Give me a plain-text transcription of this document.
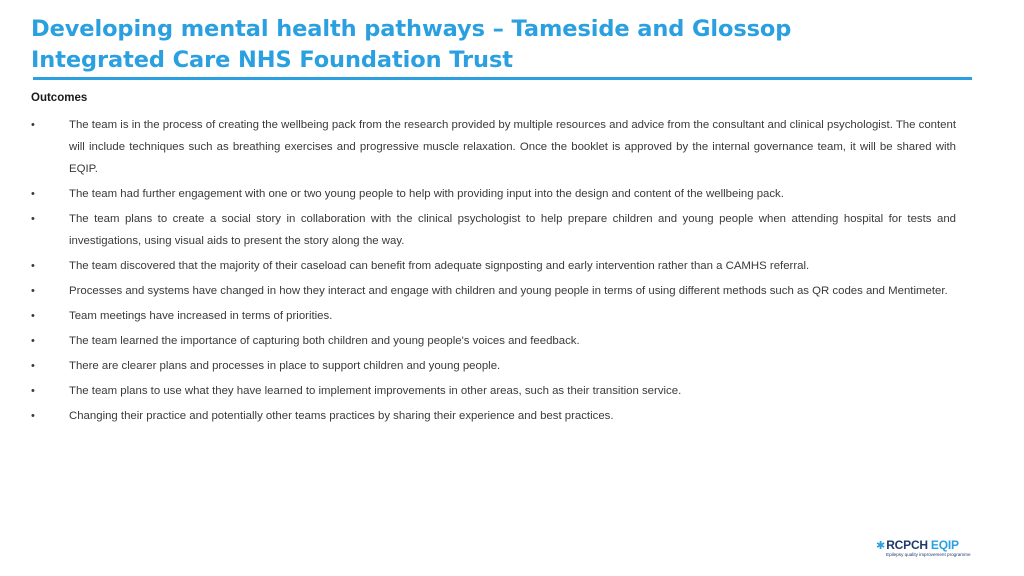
Developing mental health pathways – Tameside and Glossop
Integrated Care NHS Foundation Trust
Outcomes
•	The team is in the process of creating the wellbeing pack from the research provided by multiple resources and advice from the consultant and clinical psychologist. The content will include techniques such as breathing exercises and progressive muscle relaxation. Once the booklet is approved by the internal governance team, it will be shared with EQIP.
•	The team had further engagement with one or two young people to help with providing input into the design and content of the wellbeing pack.
•	The team plans to create a social story in collaboration with the clinical psychologist to help prepare children and young people when attending hospital for tests and investigations, using visual aids to present the story along the way.
•	The team discovered that the majority of their caseload can benefit from adequate signposting and early intervention rather than a CAMHS referral.
•	Processes and systems have changed in how they interact and engage with children and young people in terms of using different methods such as QR codes and Mentimeter.
•	Team meetings have increased in terms of priorities.
•	The team learned the importance of capturing both children and young people's voices and feedback.
•	There are clearer plans and processes in place to support children and young people.
•	The team plans to use what they have learned to implement improvements in other areas, such as their transition service.
•	Changing their practice and potentially other teams practices by sharing their experience and best practices.
✱ RCPCH EQIP
Epilepsy quality improvement programme
